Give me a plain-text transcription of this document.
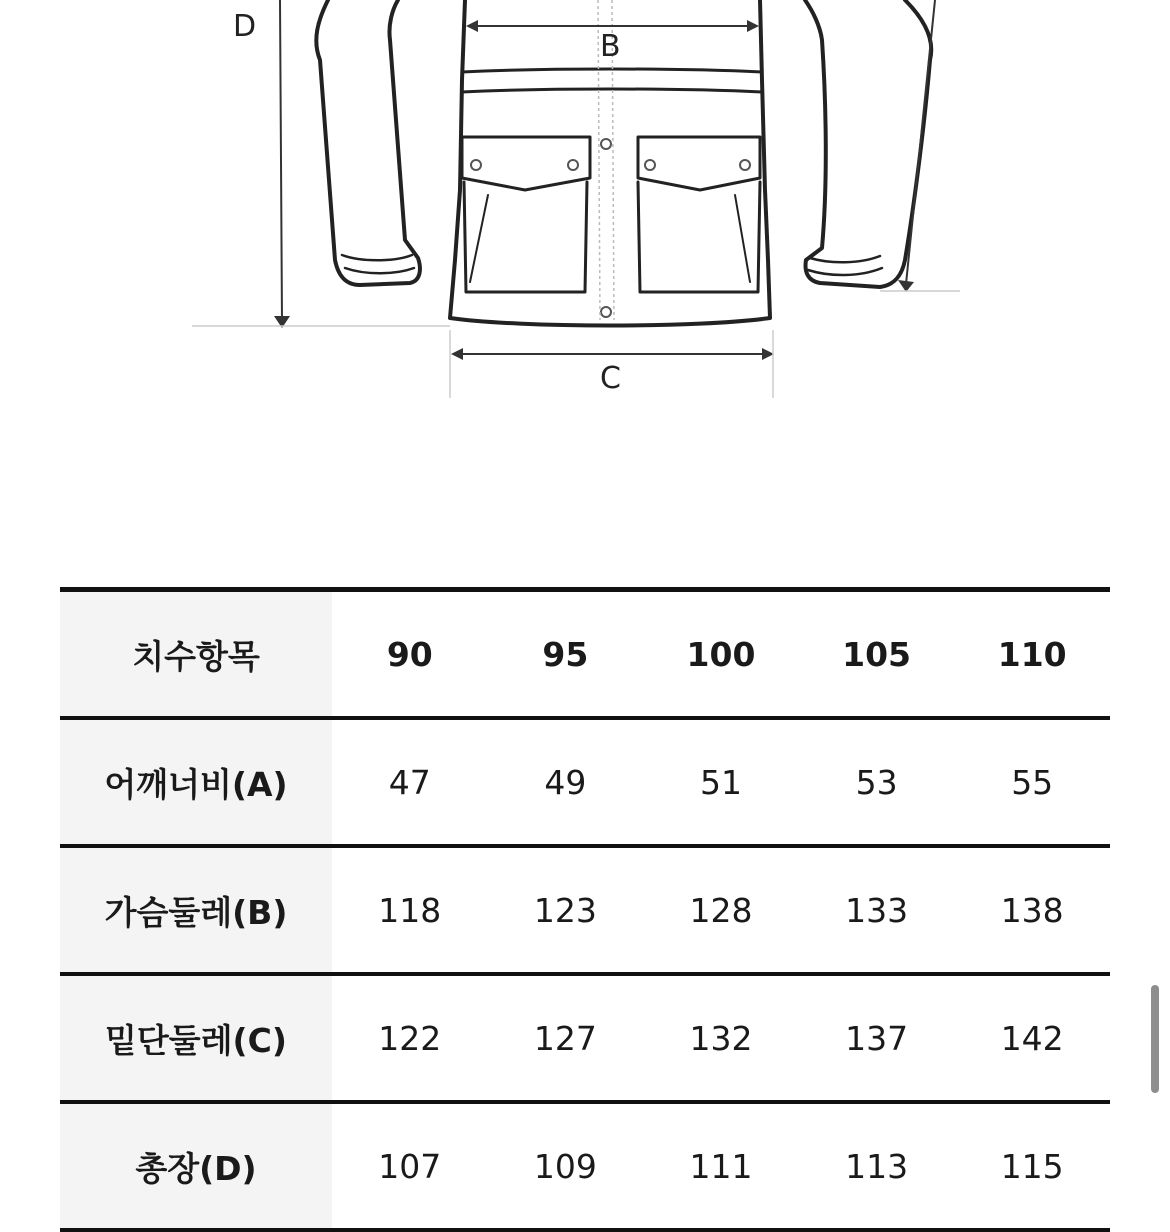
D
B
C
치수항목	90	95	100	105	110
어깨너비(A)	47	49	51	53	55
가슴둘레(B)	118	123	128	133	138
밑단둘레(C)	122	127	132	137	142
총장(D)	107	109	111	113	115
